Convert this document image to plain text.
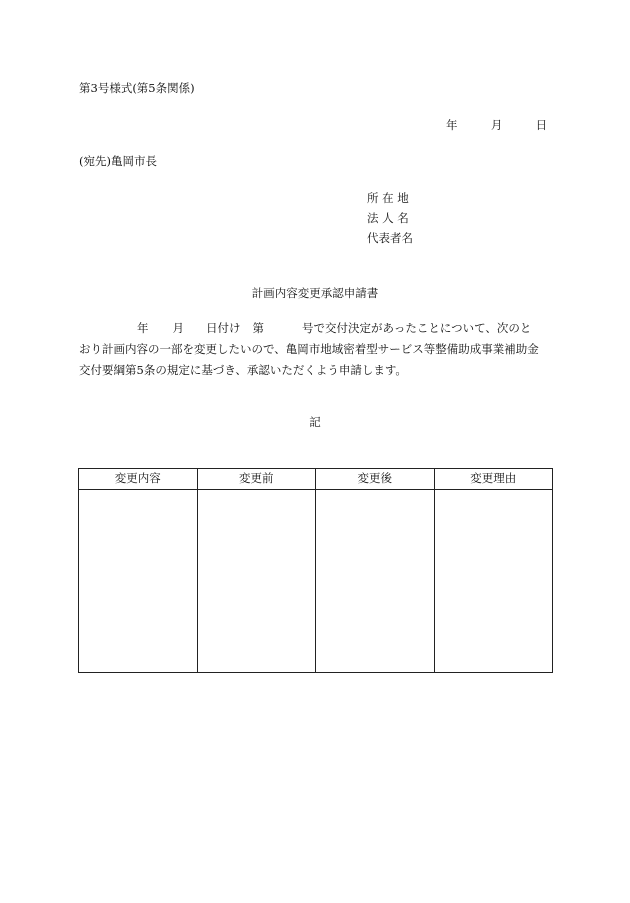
第3号様式(第5条関係)
年	月	日
(宛先)亀岡市長
所 在 地
法 人 名
代表者名
計画内容変更承認申請書
年 月 日付け 第	号で交付決定があったことについて、次のと
おり計画内容の一部を変更したいので、亀岡市地域密着型サービス等整備助成事業補助金
交付要綱第5条の規定に基づき、承認いただくよう申請します。
記
変更内容	変更前	変更後	変更理由
